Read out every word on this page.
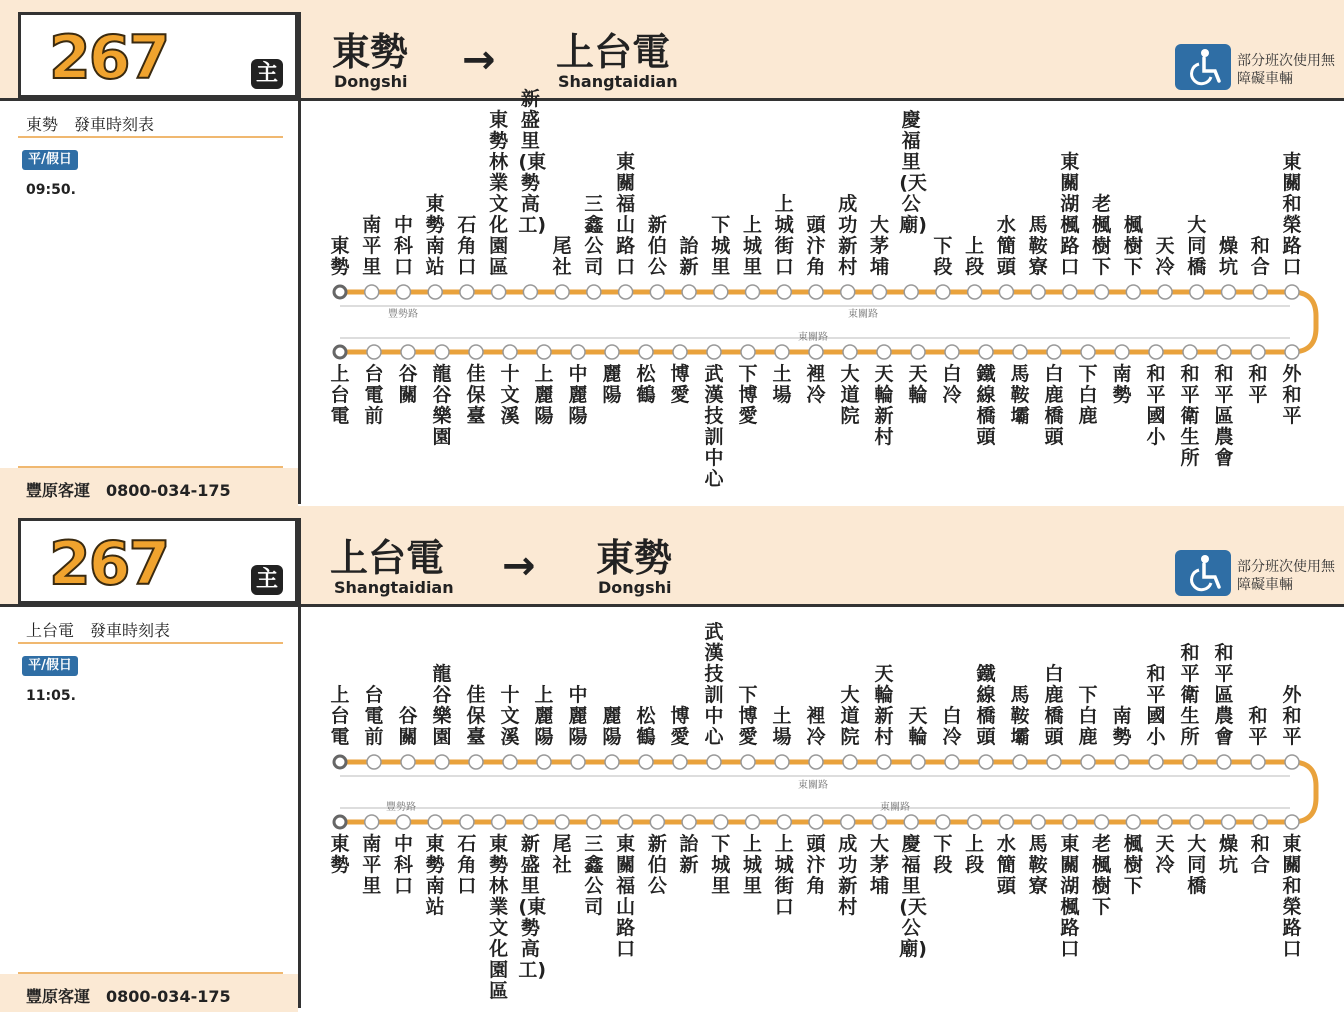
267	主 東勢
Dongshi → 上台電
Shangtaidian
部分班次使用無障礙車輛
東勢　發車時刻表
平/假日
09:50.
豐原客運　0800-034-175
豐勢路	東關路
東關路
東勢
南平里
中科口
東勢南站
石角口
東勢林業文化園區
新盛里(東勢高工)
尾社
三鑫公司
東關福山路口
新伯公
詒新
下城里
上城里
上城街口
頭汴角
成功新村
大茅埔
慶福里(天公廟)
下段
上段
水簡頭
馬鞍寮
東關湖楓路口
老楓樹下
楓樹下
天冷
大同橋
燥坑
和合
東關和榮路口
上台電
台電前
谷關
龍谷樂園
佳保臺
十文溪
上麗陽
中麗陽
麗陽
松鶴
博愛
武漢技訓中心
下博愛
土場
裡冷
大道院
天輪新村
天輪
白冷
鐵線橋頭
馬鞍壩
白鹿橋頭
下白鹿
南勢
和平國小
和平衛生所
和平區農會
和平
外和平
267	主 上台電
Shangtaidian → 東勢
Dongshi
部分班次使用無障礙車輛
上台電　發車時刻表
平/假日
11:05.
豐原客運　0800-034-175
東關路
豐勢路	東關路
上台電
台電前
谷關
龍谷樂園
佳保臺
十文溪
上麗陽
中麗陽
麗陽
松鶴
博愛
武漢技訓中心
下博愛
土場
裡冷
大道院
天輪新村
天輪
白冷
鐵線橋頭
馬鞍壩
白鹿橋頭
下白鹿
南勢
和平國小
和平衛生所
和平區農會
和平
外和平
東勢
南平里
中科口
東勢南站
石角口
東勢林業文化園區
新盛里(東勢高工)
尾社
三鑫公司
東關福山路口
新伯公
詒新
下城里
上城里
上城街口
頭汴角
成功新村
大茅埔
慶福里(天公廟)
下段
上段
水簡頭
馬鞍寮
東關湖楓路口
老楓樹下
楓樹下
天冷
大同橋
燥坑
和合
東關和榮路口
